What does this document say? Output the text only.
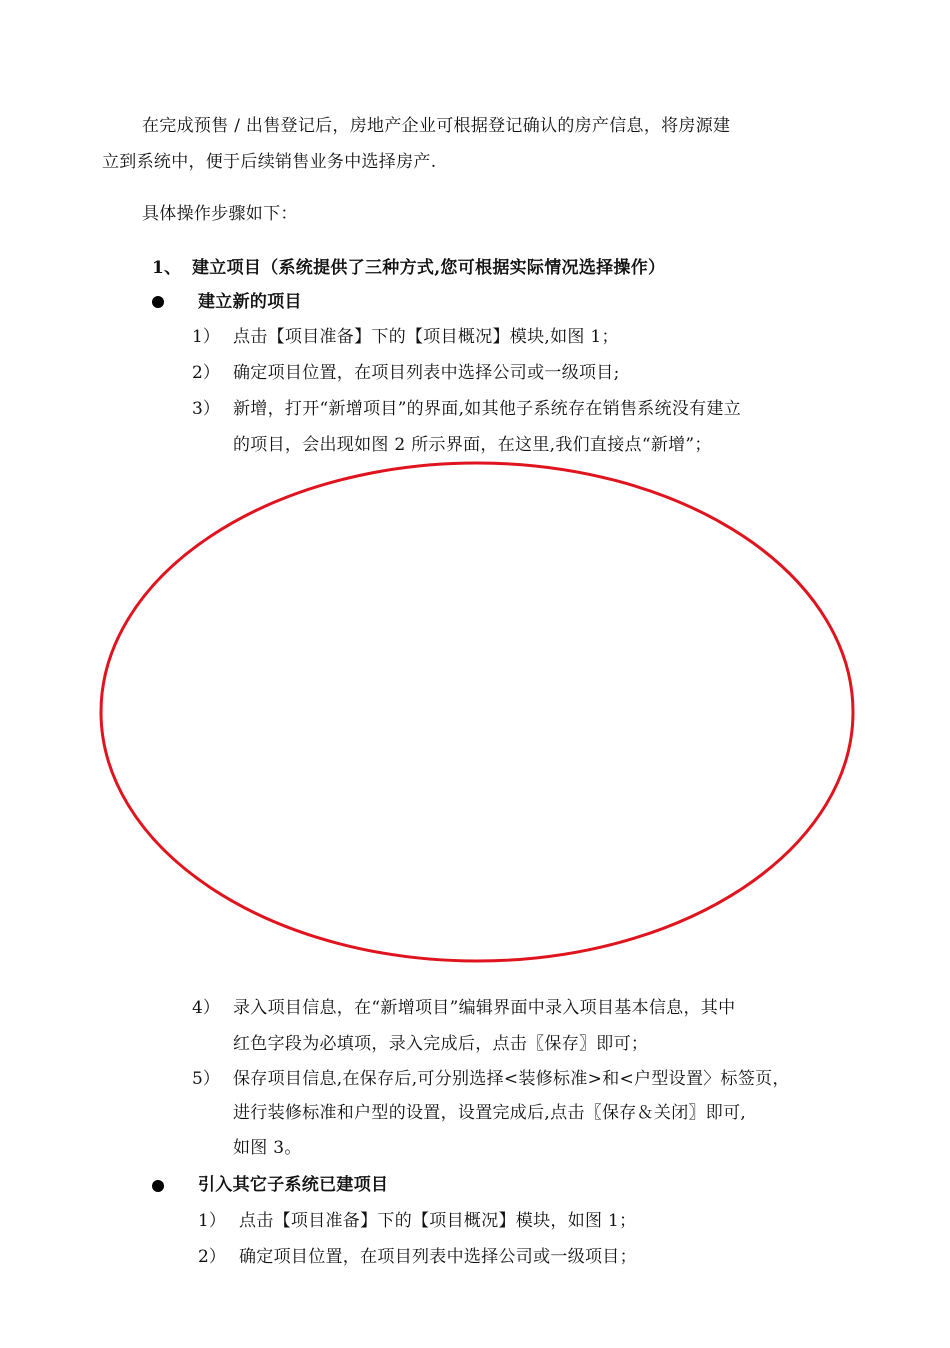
在完成预售 / 出售登记后，房地产企业可根据登记确认的房产信息，将房源建
立到系统中，便于后续销售业务中选择房产.
具体操作步骤如下：
1、 建立项目（系统提供了三种方式,您可根据实际情况选择操作）
建立新的项目
1） 点击【项目准备】下的【项目概况】模块,如图 1；
2） 确定项目位置，在项目列表中选择公司或一级项目;
3） 新增，打开“新增项目”的界面,如其他子系统存在销售系统没有建立
的项目，会出现如图 2 所示界面，在这里,我们直接点“新增”；
4） 录入项目信息，在“新增项目”编辑界面中录入项目基本信息，其中
红色字段为必填项，录入完成后，点击〖保存〗即可；
5） 保存项目信息,在保存后,可分别选择<装修标准>和<户型设置〉标签页，
进行装修标准和户型的设置，设置完成后,点击〖保存＆关闭〗即可,
如图 3。
引入其它子系统已建项目
1） 点击【项目准备】下的【项目概况】模块，如图 1；
2） 确定项目位置，在项目列表中选择公司或一级项目；
